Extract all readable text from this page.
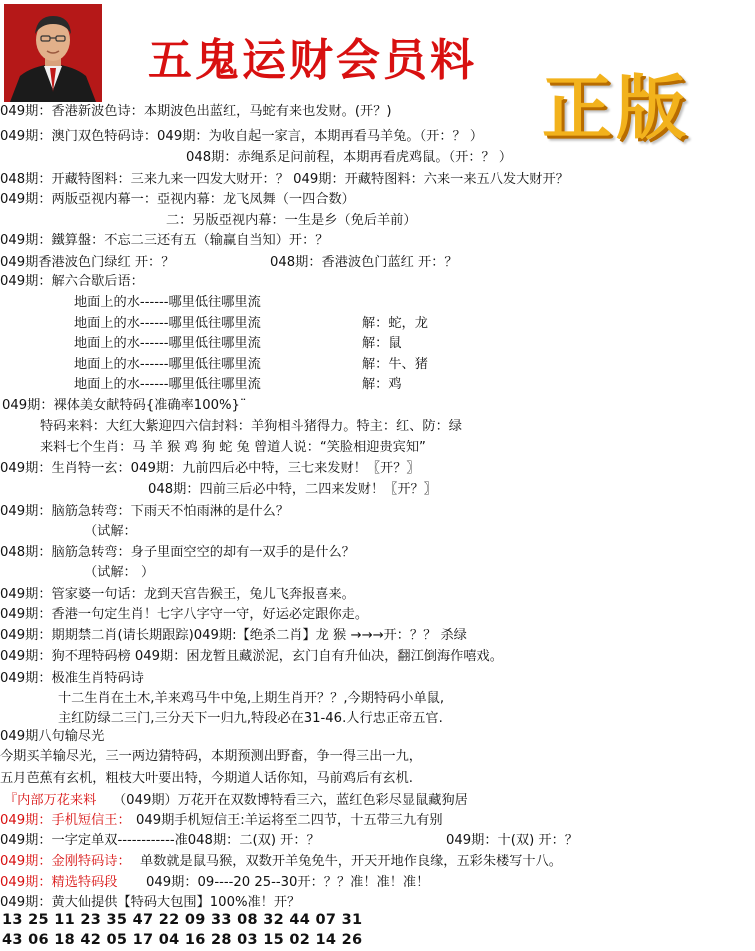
五鬼运财会员料
正版
049期：香港新波色诗：本期波色出蓝红，马蛇有来也发财。(开？)
049期：澳门双色特码诗：049期：为收自起一家言，本期再看马羊兔。（开：？ ）
048期：赤绳系足问前程，本期再看虎鸡鼠。（开：？ ）
048期：开藏特图料：三来九来一四发大财开：？ 049期：开藏特图料：六来一来五八发大财开？
049期：两版亞视内幕一：亞视内幕：龙飞凤舞（一四合数）
二：另版亞视内幕：一生是乡（免后羊前）
049期：鐵算盤：不忘二三还有五（输赢自当知）开：？
049期香港波色门绿红 开：？	048期：香港波色门蓝红 开：？
049期：解六合歇后语：
地面上的水------哪里低往哪里流
地面上的水------哪里低往哪里流	解：蛇，龙
地面上的水------哪里低往哪里流	解：鼠
地面上的水------哪里低往哪里流	解：牛、猪
地面上的水------哪里低往哪里流	解：鸡
049期：裸体美女献特码{准确率100%}¨
特码来料：大红大紫迎四六信封料：羊狗相斗猪得力。特主：红、防：绿
来料七个生肖：马 羊 猴 鸡 狗 蛇 兔 曾道人说：“笑脸相迎贵宾知”
049期：生肖特一玄：049期：九前四后必中特，三七来发财！〖开？〗
048期：四前三后必中特，二四来发财！〖开？〗
049期：脑筋急转弯：下雨天不怕雨淋的是什么？
（试解：
048期：脑筋急转弯：身子里面空空的却有一双手的是什么？
（试解： ）
049期：管家婆一句话：龙到天宫告猴王，兔儿飞奔报喜来。
049期：香港一句定生肖！七字八字守一守，好运必定跟你走。
049期：期期禁二肖(请长期跟踪)049期:【绝杀二肖】龙 猴 →→→开：？？ 杀绿
049期：狗不理特码榜 049期：困龙暂且藏淤泥，玄门自有升仙决，翻江倒海作嘻戏。
049期：极准生肖特码诗
十二生肖在土木,羊来鸡马牛中兔,上期生肖开？？,今期特码小单鼠,
主红防绿二三门,三分天下一归九,特段必在31-46.人行忠正帝五官.
049期八句输尽光
今期买羊输尽光，三一两边猜特码，本期预测出野畜，争一得三出一九，
五月芭蕉有玄机，粗枝大叶要出特，今期道人话你知，马前鸡后有玄机.
『内部万花来料 （049期）万花开在双数博特看三六，蓝红色彩尽显鼠藏狗居
049期：手机短信王： 049期手机短信王:羊运将至二四节，十五带三九有别
049期：一字定单双------------准048期：二(双) 开：？	049期：十(双) 开：？
049期：金刚特码诗： 单数就是鼠马猴，双数开羊兔免牛，开天开地作良缘，五彩朱楼写十八。
049期：精选特码段 049期：09----20 25--30开：？？准！准！准！
049期：黄大仙提供【特码大包围】100%准！开？
13 25 11 23 35 47 22 09 33 08 32 44 07 31
43 06 18 42 05 17 04 16 28 03 15 02 14 26
